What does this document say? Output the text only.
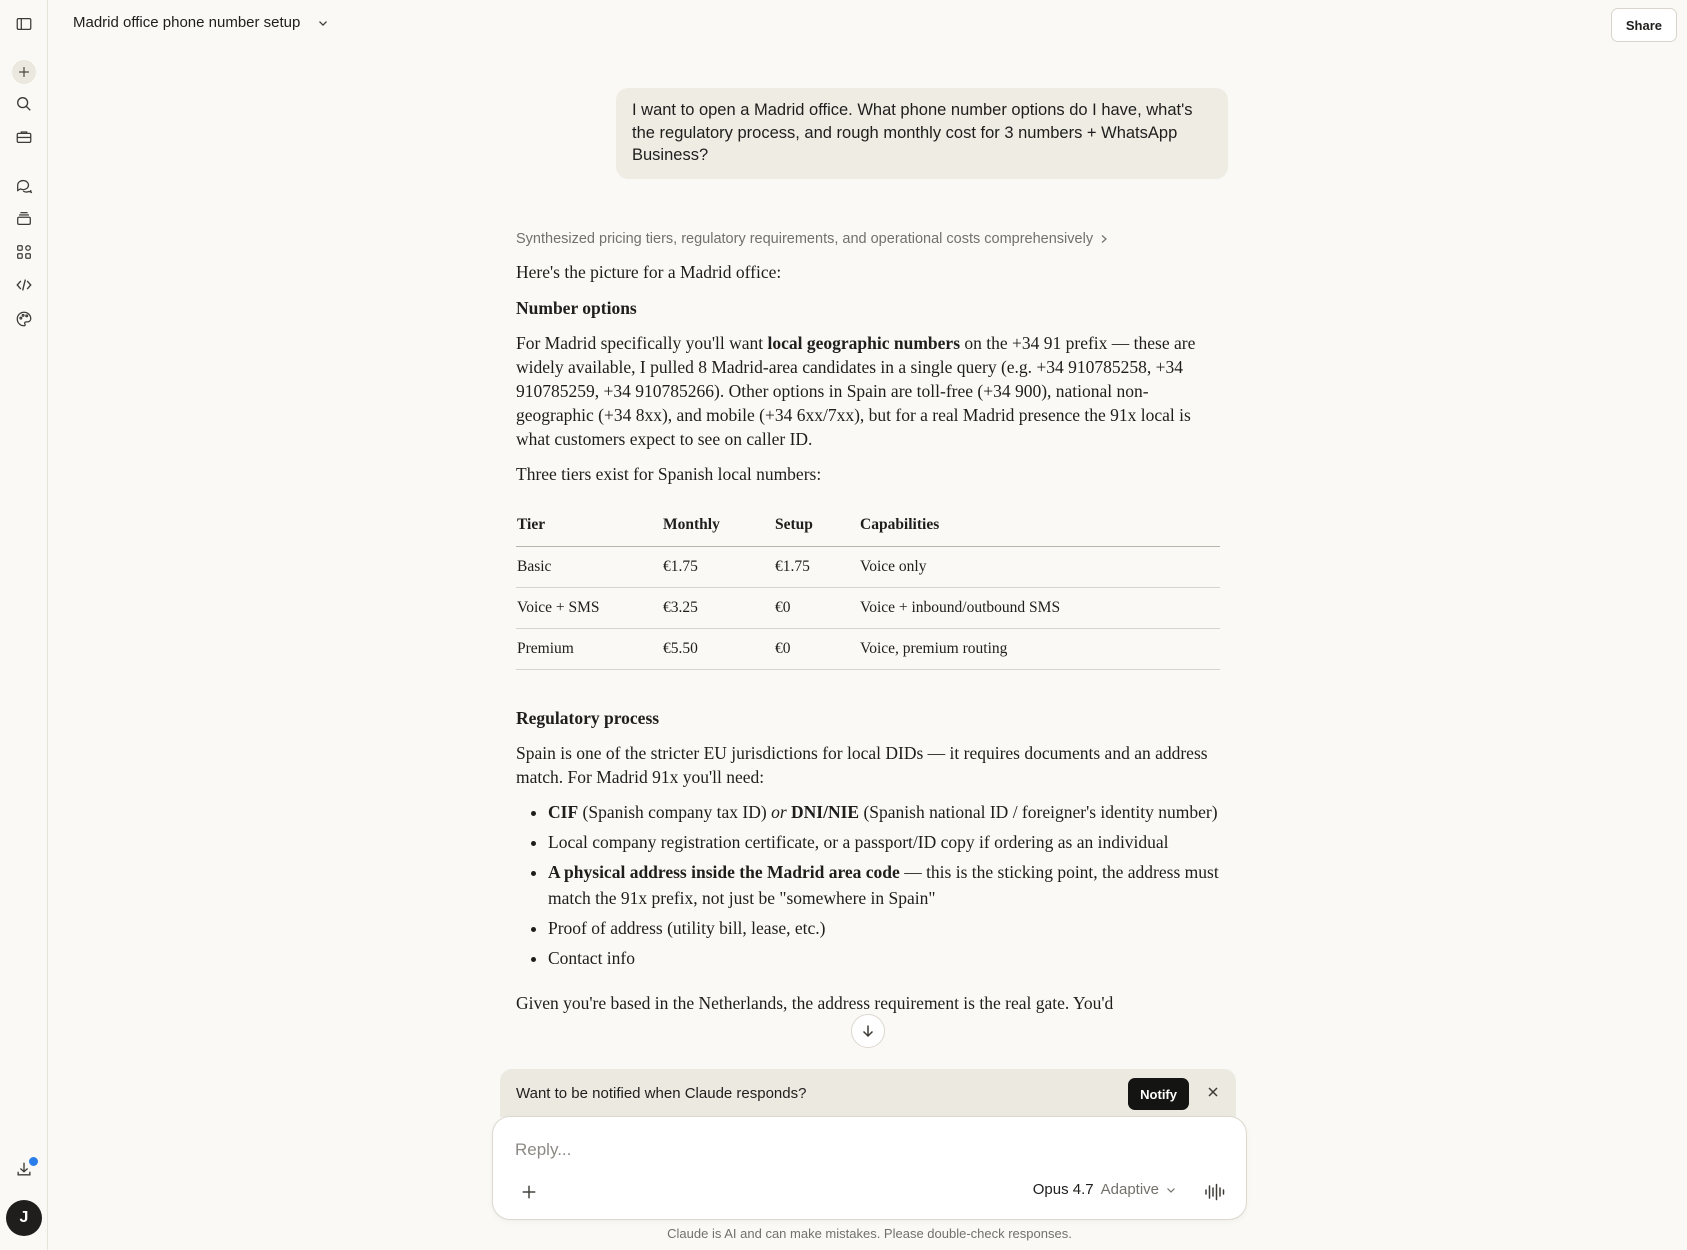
J
Madrid office phone number setup	Share
I want to open a Madrid office. What phone number options do I have, what's the regulatory process, and rough monthly cost for 3 numbers + WhatsApp Business?
Synthesized pricing tiers, regulatory requirements, and operational costs comprehensively

Here's the picture for a Madrid office:

Number options

For Madrid specifically you'll want local geographic numbers on the +34 91 prefix — these are widely available, I pulled 8 Madrid-area candidates in a single query (e.g. +34 910785258, +34 910785259, +34 910785266). Other options in Spain are toll-free (+34 900), national non-geographic (+34 8xx), and mobile (+34 6xx/7xx), but for a real Madrid presence the 91x local is what customers expect to see on caller ID.

Three tiers exist for Spanish local numbers:

Tier	Monthly	Setup	Capabilities
Basic	€1.75	€1.75	Voice only
Voice + SMS	€3.25	€0	Voice + inbound/outbound SMS
Premium	€5.50	€0	Voice, premium routing

Regulatory process

Spain is one of the stricter EU jurisdictions for local DIDs — it requires documents and an address match. For Madrid 91x you'll need:

• CIF (Spanish company tax ID) or DNI/NIE (Spanish national ID / foreigner's identity number)
• Local company registration certificate, or a passport/ID copy if ordering as an individual
• A physical address inside the Madrid area code — this is the sticking point, the address must match the 91x prefix, not just be "somewhere in Spain"
• Proof of address (utility bill, lease, etc.)
• Contact info

Given you're based in the Netherlands, the address requirement is the real gate. You'd

Want to be notified when Claude responds?	Notify
Reply...
Opus 4.7 Adaptive
Claude is AI and can make mistakes. Please double-check responses.
